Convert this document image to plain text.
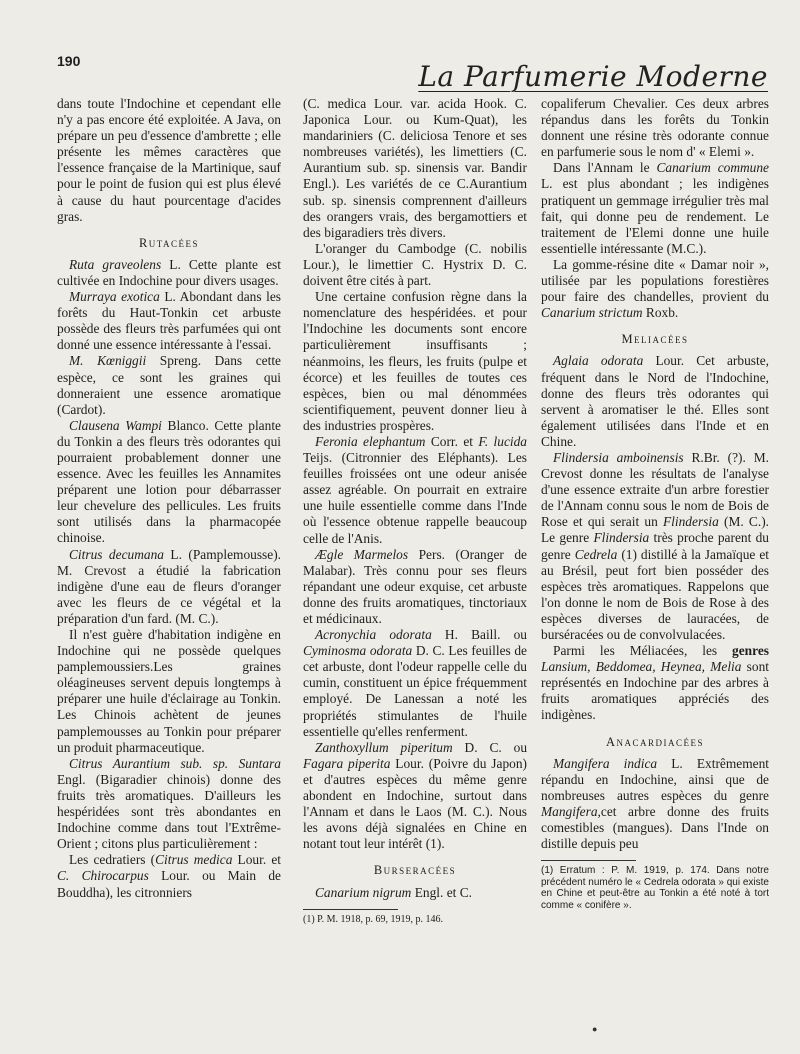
190	La Parfumerie Moderne

dans toute l'Indochine et cependant elle n'y a pas encore été exploitée. A Java, on prépare un peu d'essence d'ambrette ; elle présente les mêmes caractères que l'essence française de la Martinique, sauf pour le point de fusion qui est plus élevé à cause du haut pourcentage d'acides gras.

Rutacées

Ruta graveolens L. Cette plante est cultivée en Indochine pour divers usages.

Murraya exotica L. Abondant dans les forêts du Haut-Tonkin cet arbuste possède des fleurs très parfumées qui ont donné une essence intéressante à l'essai.

M. Kœniggii Spreng. Dans cette espèce, ce sont les graines qui donneraient une essence aromatique (Cardot).

Clausena Wampi Blanco. Cette plante du Tonkin a des fleurs très odorantes qui pourraient probablement donner une essence. Avec les feuilles les Annamites préparent une lotion pour débarrasser leur chevelure des pellicules. Les fruits sont utilisés dans la pharmacopée chinoise.

Citrus decumana L. (Pamplemousse). M. Crevost a étudié la fabrication indigène d'une eau de fleurs d'oranger avec les fleurs de ce végétal et la préparation d'un fard. (M. C.).

Il n'est guère d'habitation indigène en Indochine qui ne possède quelques pamplemoussiers.Les graines oléagineuses servent depuis longtemps à préparer une huile d'éclairage au Tonkin. Les Chinois achètent de jeunes pamplemousses au Tonkin pour préparer un produit pharmaceutique.

Citrus Aurantium sub. sp. Suntara Engl. (Bigaradier chinois) donne des fruits très aromatiques. D'ailleurs les hespéridées sont très abondantes en Indochine comme dans tout l'Extrême-Orient ; citons plus particulièrement :

Les cedratiers (Citrus medica Lour. et C. Chirocarpus Lour. ou Main de Bouddha), les citronniers

(C. medica Lour. var. acida Hook. C. Japonica Lour. ou Kum-Quat), les mandariniers (C. deliciosa Tenore et ses nombreuses variétés), les limettiers (C. Aurantium sub. sp. sinensis var. Bandir Engl.). Les variétés de ce C.Aurantium sub. sp. sinensis comprennent d'ailleurs des orangers vrais, des bergamottiers et des bigaradiers très divers.

L'oranger du Cambodge (C. nobilis Lour.), le limettier C. Hystrix D. C. doivent être cités à part.

Une certaine confusion règne dans la nomenclature des hespéridées. et pour l'Indochine les documents sont encore particulièrement insuffisants ; néanmoins, les fleurs, les fruits (pulpe et écorce) et les feuilles de toutes ces espèces, bien ou mal dénommées scientifiquement, peuvent donner lieu à des industries prospères.

Feronia elephantum Corr. et F. lucida Teijs. (Citronnier des Eléphants). Les feuilles froissées ont une odeur anisée assez agréable. On pourrait en extraire une huile essentielle comme dans l'Inde où l'essence obtenue rappelle beaucoup celle de l'Anis.

Ægle Marmelos Pers. (Oranger de Malabar). Très connu pour ses fleurs répandant une odeur exquise, cet arbuste donne des fruits aromatiques, tinctoriaux et médicinaux.

Acronychia odorata H. Baill. ou Cyminosma odorata D. C. Les feuilles de cet arbuste, dont l'odeur rappelle celle du cumin, constituent un épice fréquemment employé. De Lanessan a noté les propriétés stimulantes de l'huile essentielle qu'elles renferment.

Zanthoxyllum piperitum D. C. ou Fagara piperita Lour. (Poivre du Japon) et d'autres espèces du même genre abondent en Indochine, surtout dans l'Annam et dans le Laos (M. C.). Nous les avons déjà signalées en Chine en notant tout leur intérêt (1).

Burseracées

Canarium nigrum Engl. et C.

(1) P. M. 1918, p. 69, 1919, p. 146.

copaliferum Chevalier. Ces deux arbres répandus dans les forêts du Tonkin donnent une résine très odorante connue en parfumerie sous le nom d' « Elemi ».

Dans l'Annam le Canarium commune L. est plus abondant ; les indigènes pratiquent un gemmage irrégulier très mal fait, qui donne peu de rendement. Le traitement de l'Elemi donne une huile essentielle intéressante (M.C.).

La gomme-résine dite « Damar noir », utilisée par les populations forestières pour faire des chandelles, provient du Canarium strictum Roxb.

Meliacées

Aglaia odorata Lour. Cet arbuste, fréquent dans le Nord de l'Indochine, donne des fleurs très odorantes qui servent à aromatiser le thé. Elles sont également utilisées dans l'Inde et en Chine.

Flindersia amboinensis R.Br. (?). M. Crevost donne les résultats de l'analyse d'une essence extraite d'un arbre forestier de l'Annam connu sous le nom de Bois de Rose et qui serait un Flindersia (M. C.). Le genre Flindersia très proche parent du genre Cedrela (1) distillé à la Jamaïque et au Brésil, peut fort bien posséder des espèces très aromatiques. Rappelons que l'on donne le nom de Bois de Rose à des espèces diverses de lauracées, de burséracées ou de convolvulacées.

Parmi les Méliacées, les genres Lansium, Beddomea, Heynea, Melia sont représentés en Indochine par des arbres à fruits aromatiques appréciés des indigènes.

Anacardiacées

Mangifera indica L. Extrêmement répandu en Indochine, ainsi que de nombreuses autres espèces du genre Mangifera,cet arbre donne des fruits comestibles (mangues). Dans l'Inde on distille depuis peu

(1) Erratum : P. M. 1919, p. 174. Dans notre précédent numéro le « Cedrela odorata » qui existe en Chine et peut-être au Tonkin a été noté à tort comme « conifère ».
●
